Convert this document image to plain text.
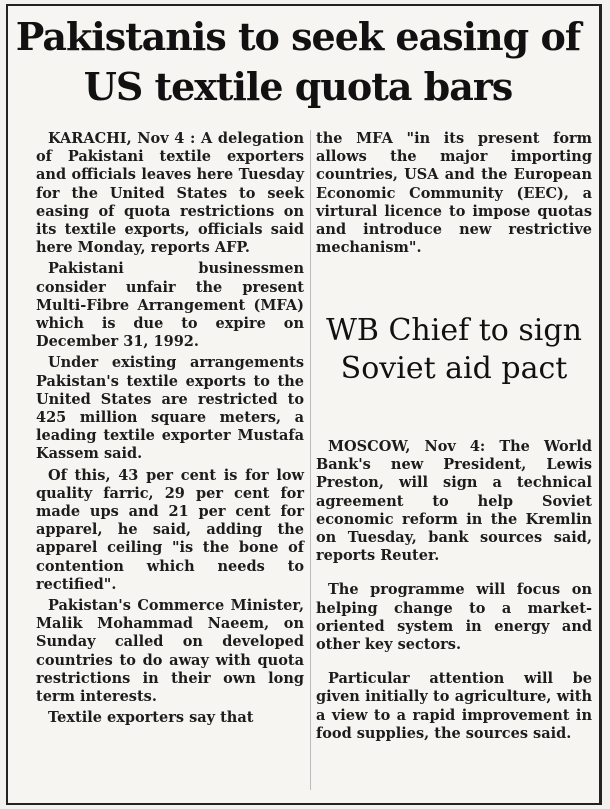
Pakistanis to seek easing of US textile quota bars

KARACHI, Nov 4 : A delegation of Pakistani textile exporters and officials leaves here Tuesday for the United States to seek easing of quota restrictions on its textile exports, officials said here Monday, reports AFP.

Pakistani businessmen consider unfair the present Multi-Fibre Arrangement (MFA) which is due to expire on December 31, 1992.

Under existing arrangements Pakistan's textile exports to the United States are restricted to 425 million square meters, a leading textile exporter Mustafa Kassem said.

Of this, 43 per cent is for low quality farric, 29 per cent for made ups and 21 per cent for apparel, he said, adding the apparel ceiling "is the bone of contention which needs to rectified".

Pakistan's Commerce Minister, Malik Mohammad Naeem, on Sunday called on developed countries to do away with quota restrictions in their own long term interests.

Textile exporters say that

the MFA "in its present form allows the major importing countries, USA and the European Economic Community (EEC), a virtural licence to impose quotas and introduce new restrictive mechanism".

WB Chief to sign Soviet aid pact

MOSCOW, Nov 4: The World Bank's new President, Lewis Preston, will sign a technical agreement to help Soviet economic reform in the Kremlin on Tuesday, bank sources said, reports Reuter.

The programme will focus on helping change to a market-oriented system in energy and other key sectors.

Particular attention will be given initially to agriculture, with a view to a rapid improvement in food supplies, the sources said.
